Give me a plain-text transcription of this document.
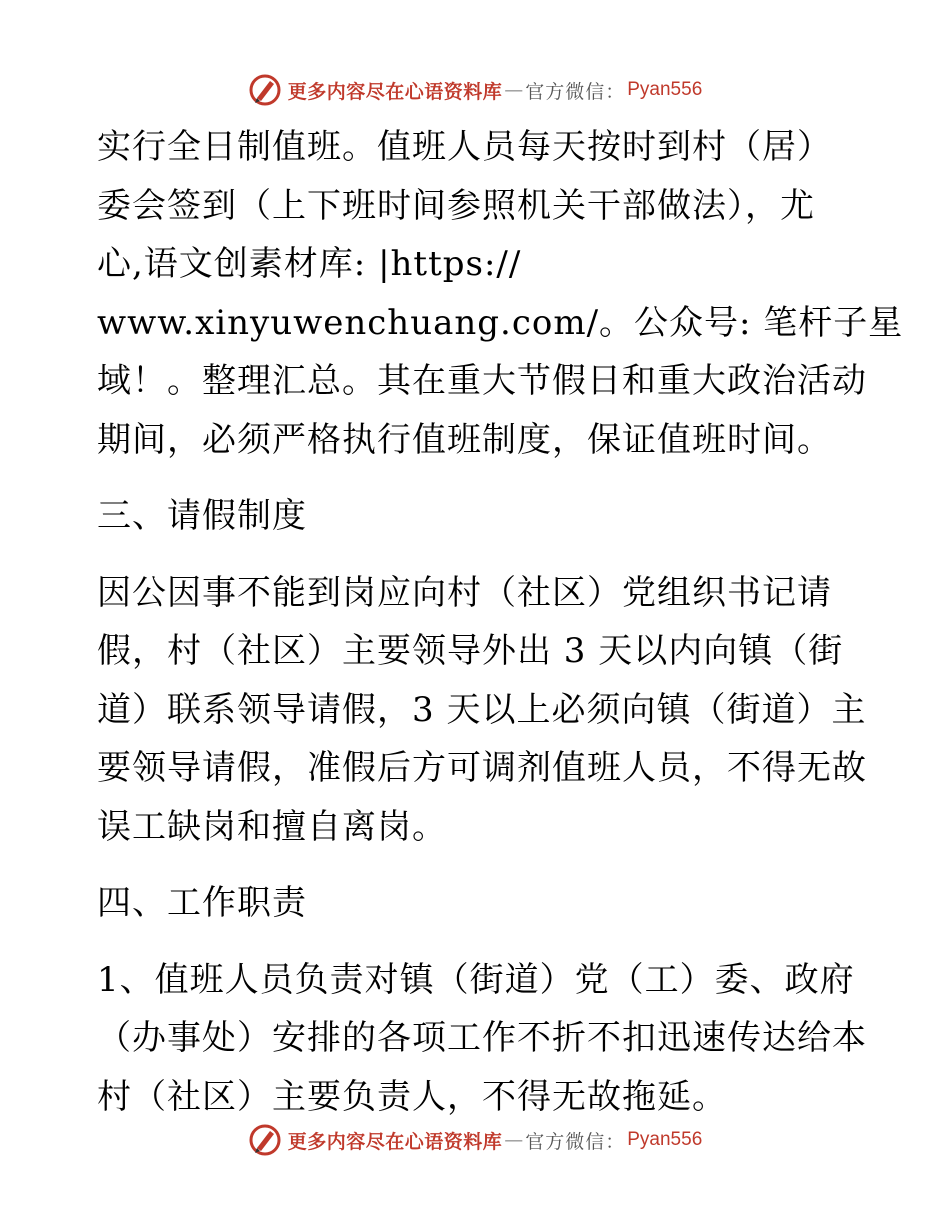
更多内容尽在心语资料库 — 官方微信： Pyan556
实行全日制值班。值班人员每天按时到村（居）
委会签到（上下班时间参照机关干部做法），尤
心,语文创素材库: |https://
www.xinyuwenchuang.com/。公众号: 笔杆子星
域！。整理汇总。其在重大节假日和重大政治活动
期间，必须严格执行值班制度，保证值班时间。
三、请假制度
因公因事不能到岗应向村（社区）党组织书记请
假，村（社区）主要领导外出 3 天以内向镇（街
道）联系领导请假，3 天以上必须向镇（街道）主
要领导请假，准假后方可调剂值班人员，不得无故
误工缺岗和擅自离岗。
四、工作职责
1、值班人员负责对镇（街道）党（工）委、政府
（办事处）安排的各项工作不折不扣迅速传达给本
村（社区）主要负责人，不得无故拖延。
更多内容尽在心语资料库 — 官方微信： Pyan556
